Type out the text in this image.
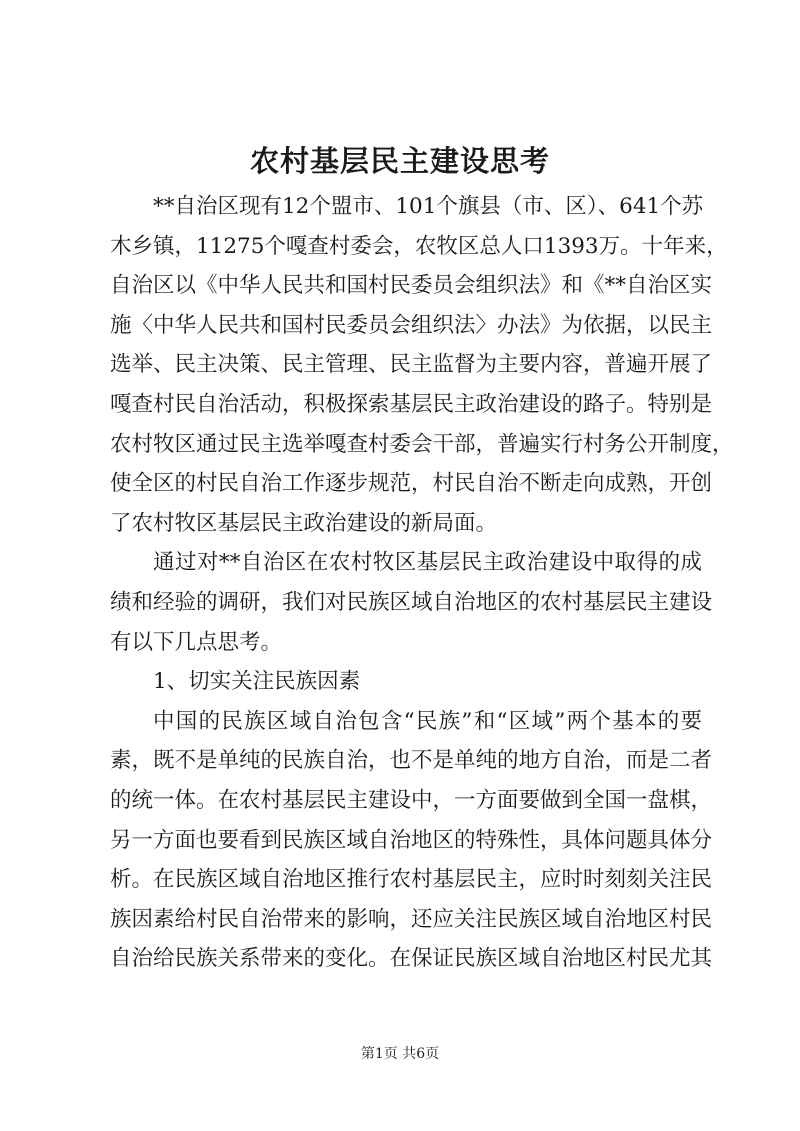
农村基层民主建设思考

**自治区现有12个盟市、101个旗县（市、区）、641个苏
木乡镇，11275个嘎查村委会，农牧区总人口1393万。十年来，
自治区以《中华人民共和国村民委员会组织法》和《**自治区实
施〈中华人民共和国村民委员会组织法〉办法》为依据，以民主
选举、民主决策、民主管理、民主监督为主要内容，普遍开展了
嘎查村民自治活动，积极探索基层民主政治建设的路子。特别是
农村牧区通过民主选举嘎查村委会干部，普遍实行村务公开制度，
使全区的村民自治工作逐步规范，村民自治不断走向成熟，开创
了农村牧区基层民主政治建设的新局面。

通过对**自治区在农村牧区基层民主政治建设中取得的成
绩和经验的调研，我们对民族区域自治地区的农村基层民主建设
有以下几点思考。

1、切实关注民族因素

中国的民族区域自治包含“民族”和“区域”两个基本的要
素，既不是单纯的民族自治，也不是单纯的地方自治，而是二者
的统一体。在农村基层民主建设中，一方面要做到全国一盘棋，
另一方面也要看到民族区域自治地区的特殊性，具体问题具体分
析。在民族区域自治地区推行农村基层民主，应时时刻刻关注民
族因素给村民自治带来的影响，还应关注民族区域自治地区村民
自治给民族关系带来的变化。在保证民族区域自治地区村民尤其

第1页 共6页
